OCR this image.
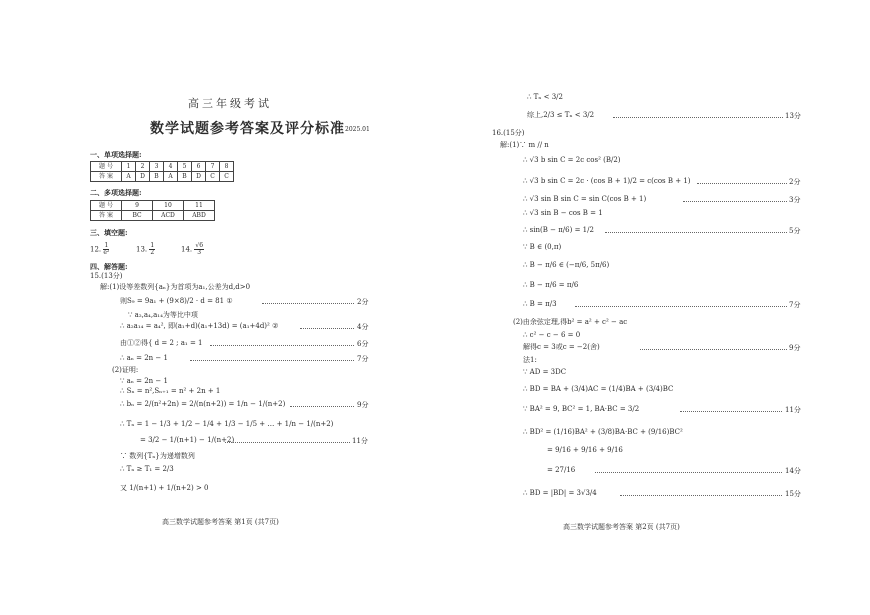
高三年级考试
数学试题参考答案及评分标准 2025.01
一、单项选择题:
题 号	1	2	3	4	5	6	7	8
答 案	A	D	B	A	B	D	C	C
二、多项选择题:
题 号	9	10	11
答 案	BC	ACD	ABD
三、填空题:
12. $\frac{1}{\text{e²}}$	13. $\frac{1}{2}$	14. $\frac{√6}{3}$
四、解答题:
15.(13分)
解:(1)设等差数列{aₙ}为首项为a₁,公差为d,d>0
则S₉ = 9a₁ + (9×8)/2 · d = 81 ①	2分
∵ a₂,a₄,a₁₄为等比中项
∴ a₂a₁₄ = a₄², 即(a₁+d)(a₁+13d) = (a₁+4d)² ②	4分
由①②得{ d = 2 ; a₁ = 1	6分
∴ aₙ = 2n − 1	7分
(2)证明:
∵ aₙ = 2n − 1
∴ Sₙ = n²,Sₙ₊₁ = n² + 2n + 1
∴ bₙ = 2/(n²+2n) = 2/(n(n+2)) = 1/n − 1/(n+2)	9分
∴ Tₙ = 1 − 1/3 + 1/2 − 1/4 + 1/3 − 1/5 + … + 1/n − 1/(n+2)
= 3/2 − 1/(n+1) − 1/(n+2)	11分
∵ 数列{Tₙ}为递增数列
∴ Tₙ ≥ T₁ = 2/3
又 1/(n+1) + 1/(n+2) > 0
高三数学试题参考答案 第1页 (共7页)
∴ Tₙ < 3/2
综上,2/3 ≤ Tₙ < 3/2	13分
16.(15分)
解:(1)∵ m // n
∴ √3 b sin C = 2c cos² (B/2)
∴ √3 b sin C = 2c · (cos B + 1)/2 = c(cos B + 1)	2分
∴ √3 sin B sin C = sin C(cos B + 1)	3分
∴ √3 sin B − cos B = 1
∴ sin(B − π/6) = 1/2	5分
∵ B ∈ (0,π)
∴ B − π/6 ∈ (−π/6, 5π/6)
∴ B − π/6 = π/6
∴ B = π/3	7分
(2)由余弦定理,得b² = a² + c² − ac
∴ c² − c − 6 = 0
解得c = 3或c = −2(舍)	9分
法1:
∵ AD = 3DC
∴ BD = BA + (3/4)AC = (1/4)BA + (3/4)BC
∵ BA² = 9, BC² = 1, BA·BC = 3/2	11分
∴ BD² = (1/16)BA² + (3/8)BA·BC + (9/16)BC²
= 9/16 + 9/16 + 9/16
= 27/16	14分
∴ BD = |BD| = 3√3/4	15分
高三数学试题参考答案 第2页 (共7页)
